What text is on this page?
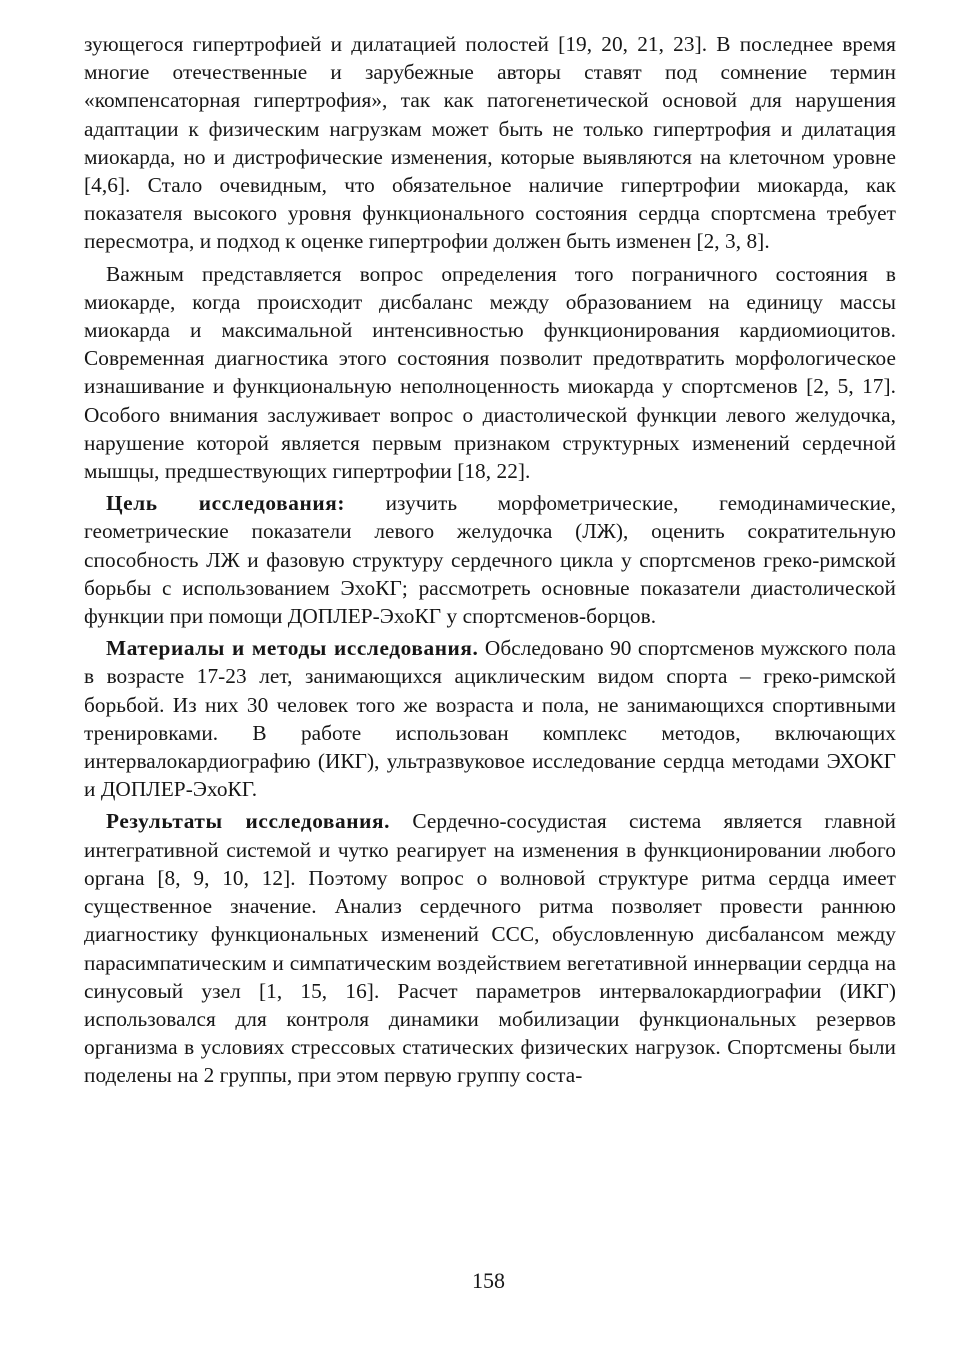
зующегося гипертрофией и дилатацией полостей [19, 20, 21, 23]. В последнее время многие отечественные и зарубежные авторы ставят под сомнение термин «компенсаторная гипертрофия», так как патогенетической основой для нарушения адаптации к физическим нагрузкам может быть не только гипертрофия и дилатация миокарда, но и дистрофические изменения, которые выявляются на клеточном уровне [4,6]. Стало очевидным, что обязательное наличие гипертрофии миокарда, как показателя высокого уровня функционального состояния сердца спортсмена требует пересмотра, и подход к оценке гипертрофии должен быть изменен [2, 3, 8].

Важным представляется вопрос определения того пограничного состояния в миокарде, когда происходит дисбаланс между образованием на единицу массы миокарда и максимальной интенсивностью функционирования кардиомиоцитов. Современная диагностика этого состояния позволит предотвратить морфологическое изнашивание и функциональную неполноценность миокарда у спортсменов [2, 5, 17]. Особого внимания заслуживает вопрос о диастолической функции левого желудочка, нарушение которой является первым признаком структурных изменений сердечной мышцы, предшествующих гипертрофии [18, 22].

Цель исследования: изучить морфометрические, гемодинамические, геометрические показатели левого желудочка (ЛЖ), оценить сократительную способность ЛЖ и фазовую структуру сердечного цикла у спортсменов греко-римской борьбы с использованием ЭхоКГ; рассмотреть основные показатели диастолической функции при помощи ДОПЛЕР-ЭхоКГ у спортсменов-борцов.

Материалы и методы исследования. Обследовано 90 спортсменов мужского пола в возрасте 17-23 лет, занимающихся ациклическим видом спорта – греко-римской борьбой. Из них 30 человек того же возраста и пола, не занимающихся спортивными тренировками. В работе использован комплекс методов, включающих интервалокардиографию (ИКГ), ультразвуковое исследование сердца методами ЭХОКГ и ДОПЛЕР-ЭхоКГ.

Результаты исследования. Сердечно-сосудистая система является главной интегративной системой и чутко реагирует на изменения в функционировании любого органа [8, 9, 10, 12]. Поэтому вопрос о волновой структуре ритма сердца имеет существенное значение. Анализ сердечного ритма позволяет провести раннюю диагностику функциональных изменений ССС, обусловленную дисбалансом между парасимпатическим и симпатическим воздействием вегетативной иннервации сердца на синусовый узел [1, 15, 16]. Расчет параметров интервалокардиографии (ИКГ) использовался для контроля динамики мобилизации функциональных резервов организма в условиях стрессовых статических физических нагрузок. Спортсмены были поделены на 2 группы, при этом первую группу соста-

158
